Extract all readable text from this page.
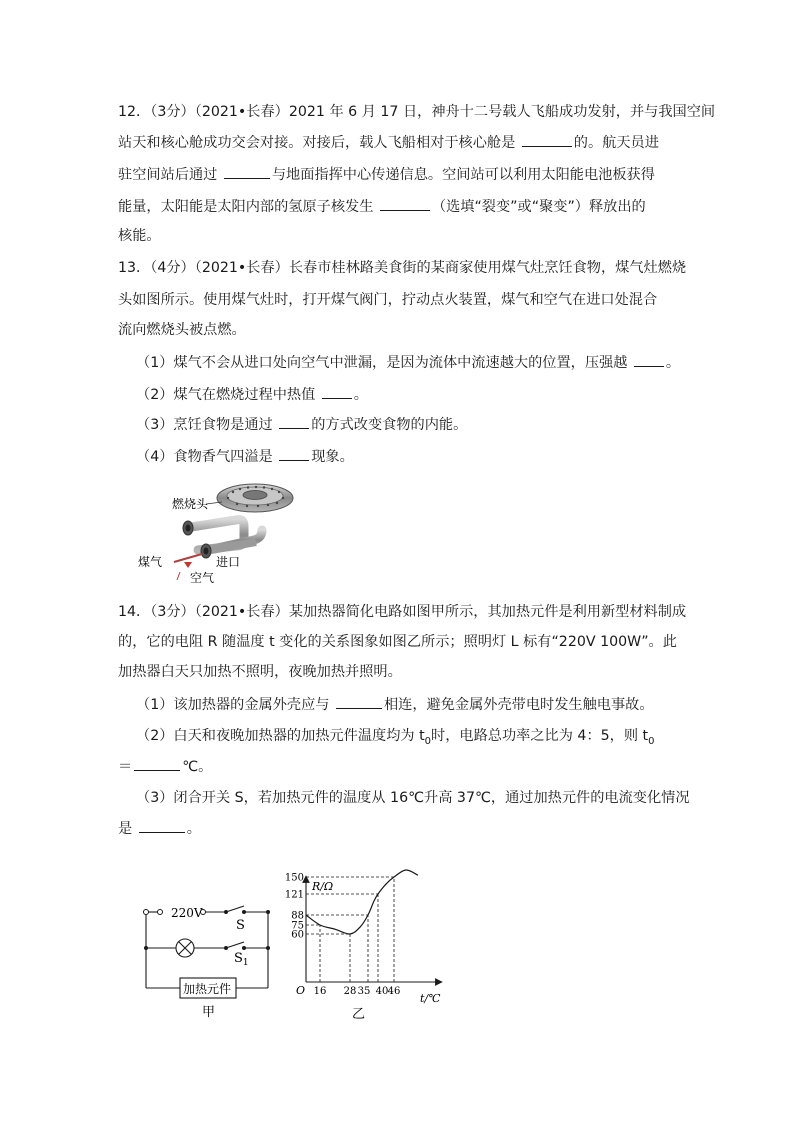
12．（3分）（2021•长春）2021 年 6 月 17 日，神舟十二号载人飞船成功发射，并与我国空间
站天和核心舱成功交会对接。对接后，载人飞船相对于核心舱是	的。航天员进
驻空间站后通过	与地面指挥中心传递信息。空间站可以利用太阳能电池板获得
能量，太阳能是太阳内部的氢原子核发生	（选填“裂变”或“聚变”）释放出的
核能。
13．（4分）（2021•长春）长春市桂林路美食街的某商家使用煤气灶烹饪食物，煤气灶燃烧
头如图所示。使用煤气灶时，打开煤气阀门，拧动点火装置，煤气和空气在进口处混合
流向燃烧头被点燃。
（1）煤气不会从进口处向空气中泄漏，是因为流体中流速越大的位置，压强越 。
（2）煤气在燃烧过程中热值 。
（3）烹饪食物是通过 的方式改变食物的内能。
（4）食物香气四溢是 现象。
燃烧头
煤气	进口
空气
14．（3分）（2021•长春）某加热器简化电路如图甲所示，其加热元件是利用新型材料制成
的，它的电阻 R 随温度 t 变化的关系图象如图乙所示；照明灯 L 标有“220V 100W”。此
加热器白天只加热不照明，夜晚加热并照明。
（1）该加热器的金属外壳应与	相连，避免金属外壳带电时发生触电事故。
（2）白天和夜晚加热器的加热元件温度均为 $t_0$时，电路总功率之比为 4：5，则 $t_0$
＝	℃。
（3）闭合开关 S，若加热元件的温度从 16℃升高 37℃，通过加热元件的电流变化情况
是	。
220V
S
$S_1$
加热元件
甲
16 28 35 40 46
60
75
88
121
150
R/Ω
t/℃
O
乙
